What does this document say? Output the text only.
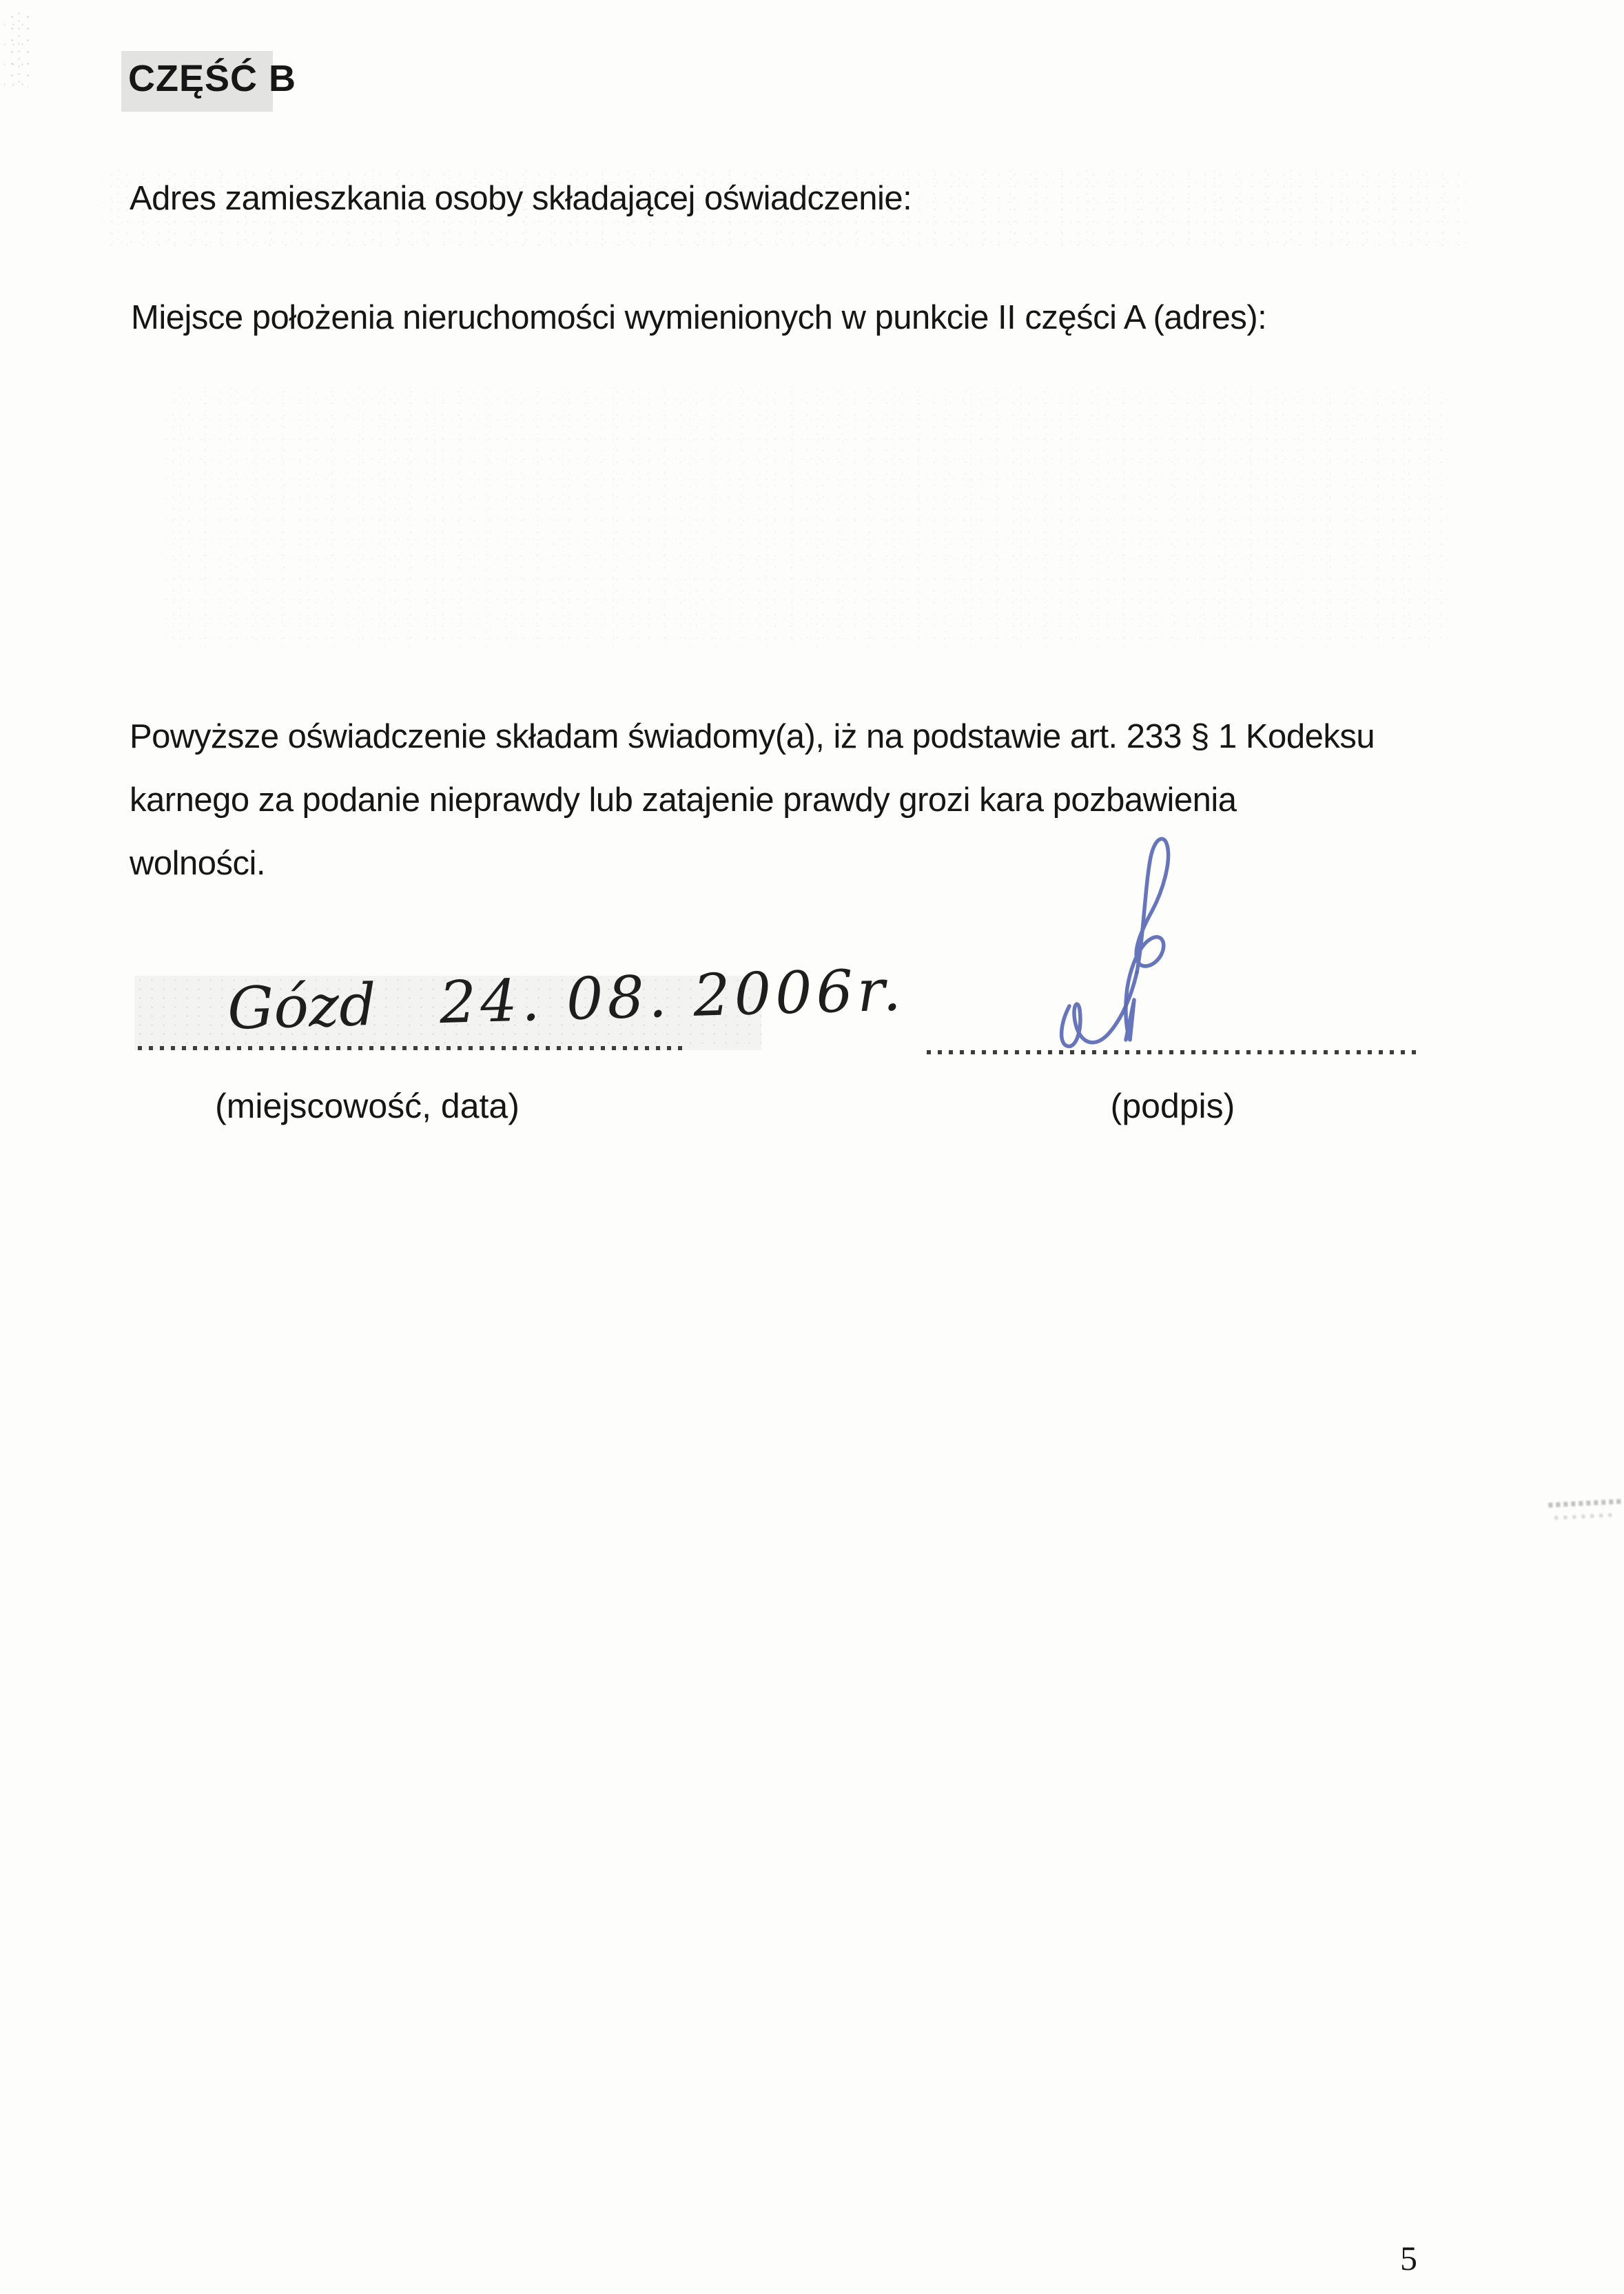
CZĘŚĆ B
Adres zamieszkania osoby składającej oświadczenie:
Miejsce położenia nieruchomości wymienionych w punkcie II części A (adres):
Powyższe oświadczenie składam świadomy(a), iż na podstawie art. 233 § 1 Kodeksu
karnego za podanie nieprawdy lub zatajenie prawdy grozi kara pozbawienia
wolności.
Gózd 24. 08. 2006r.
(miejscowość, data)	(podpis)
5
